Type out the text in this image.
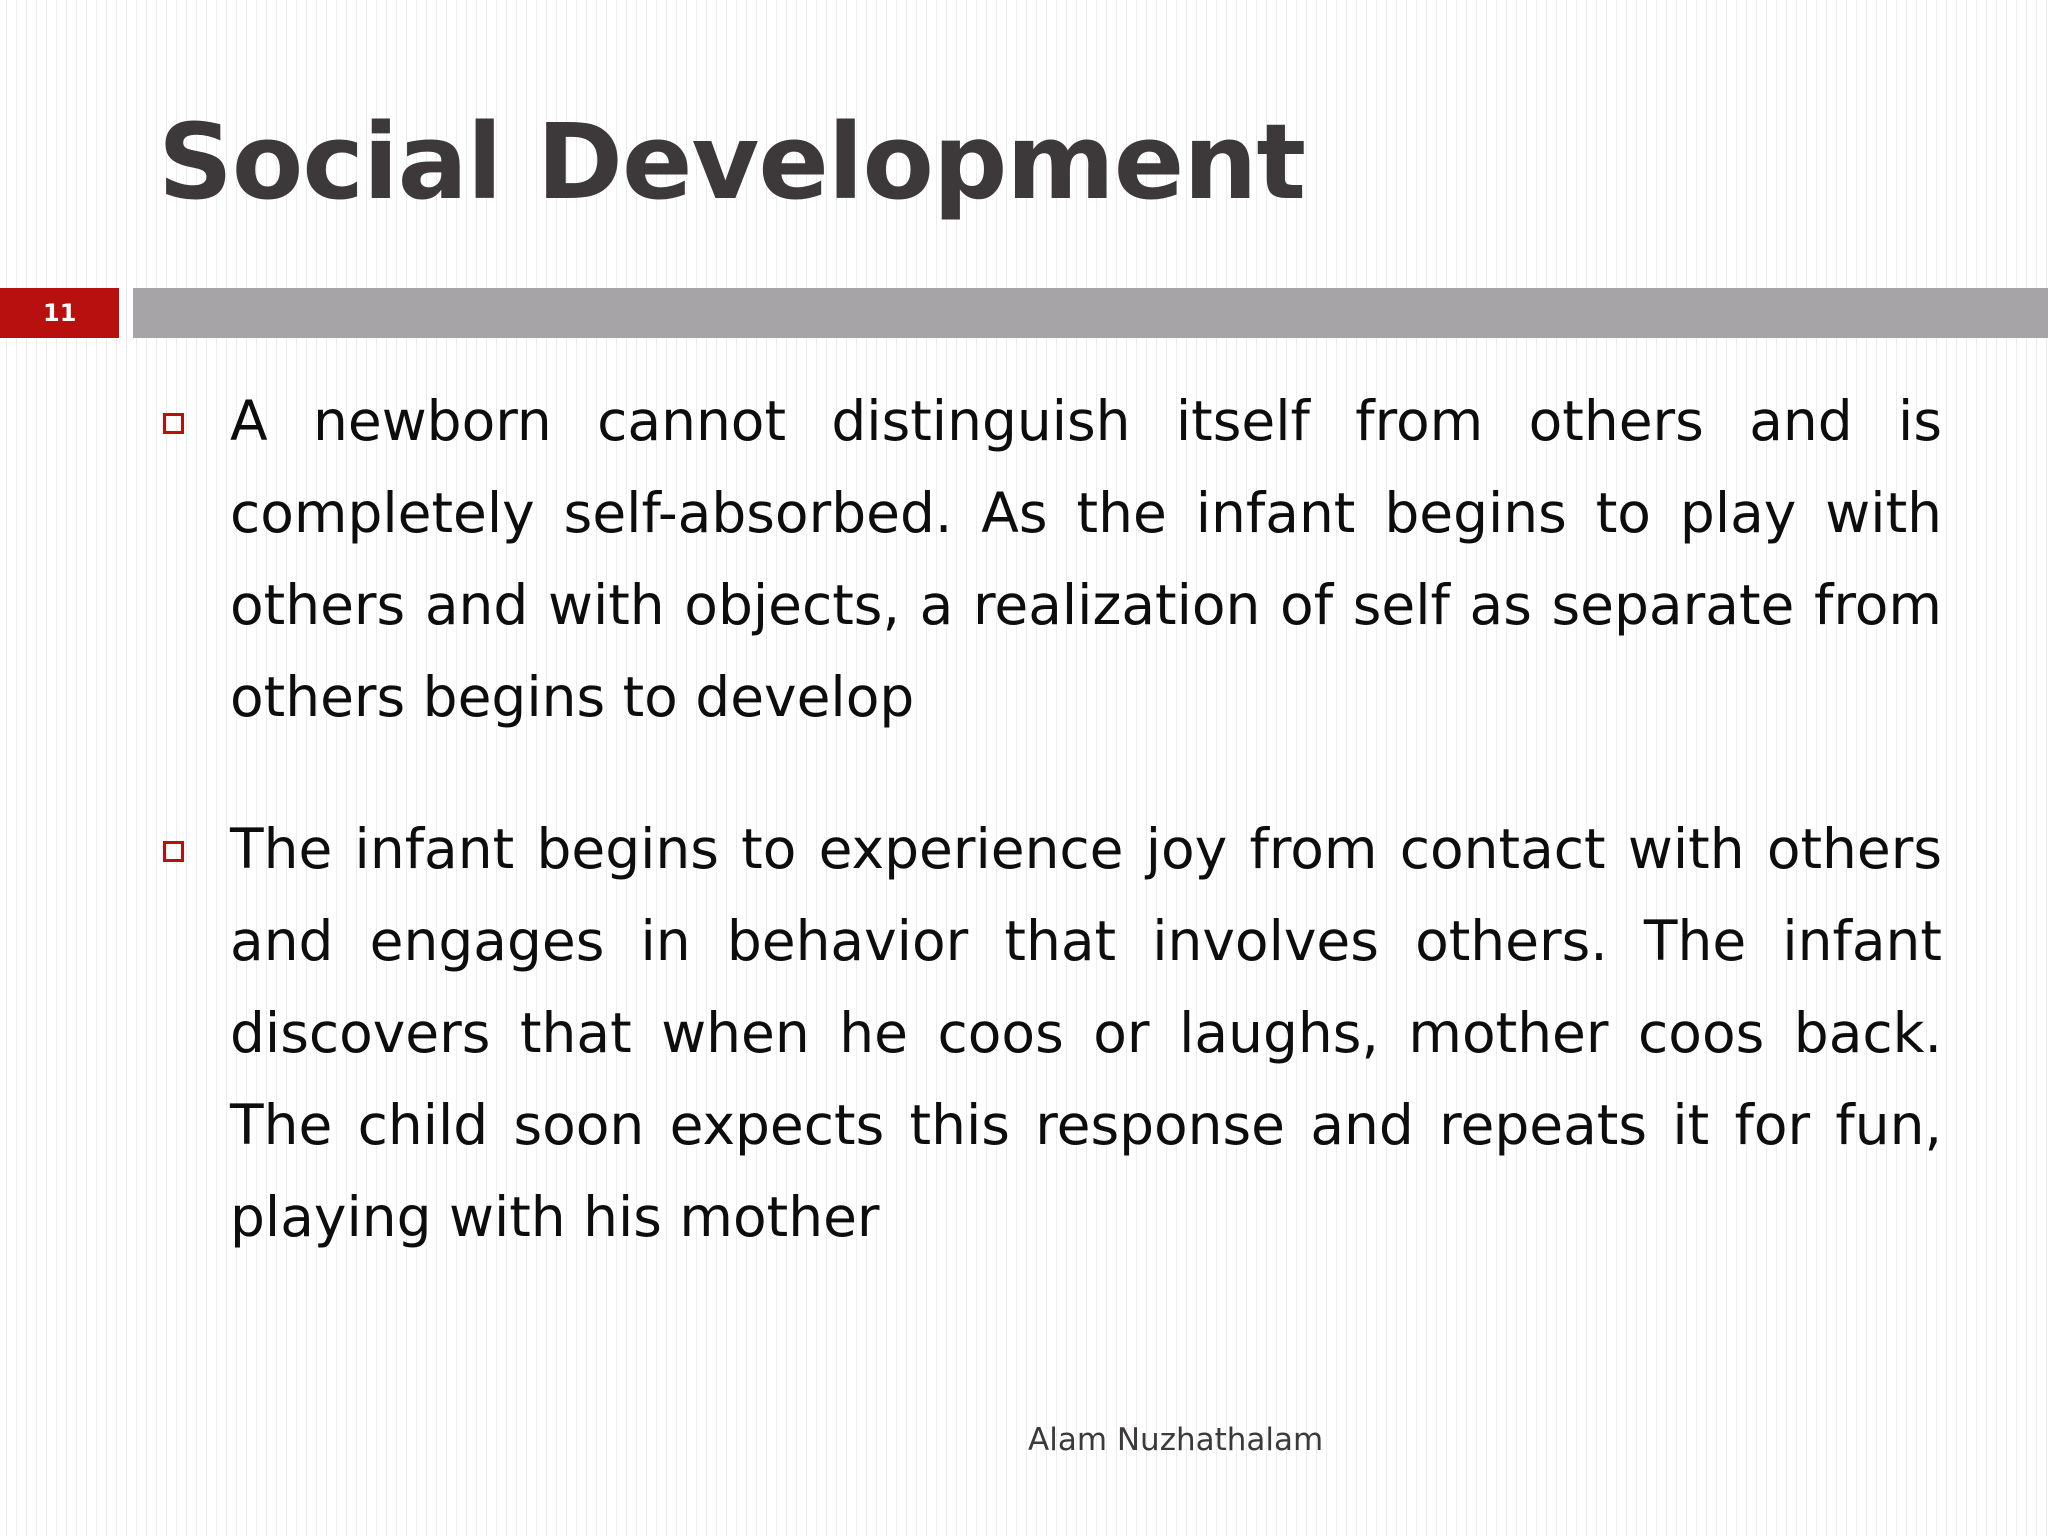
Social Development
11
A newborn cannot distinguish itself from others and is completely self-absorbed. As the infant begins to play with others and with objects, a realization of self as separate from others begins to develop
The infant begins to experience joy from contact with others and engages in behavior that involves others. The infant discovers that when he coos or laughs, mother coos back. The child soon expects this response and repeats it for fun, playing with his mother
Alam Nuzhathalam
